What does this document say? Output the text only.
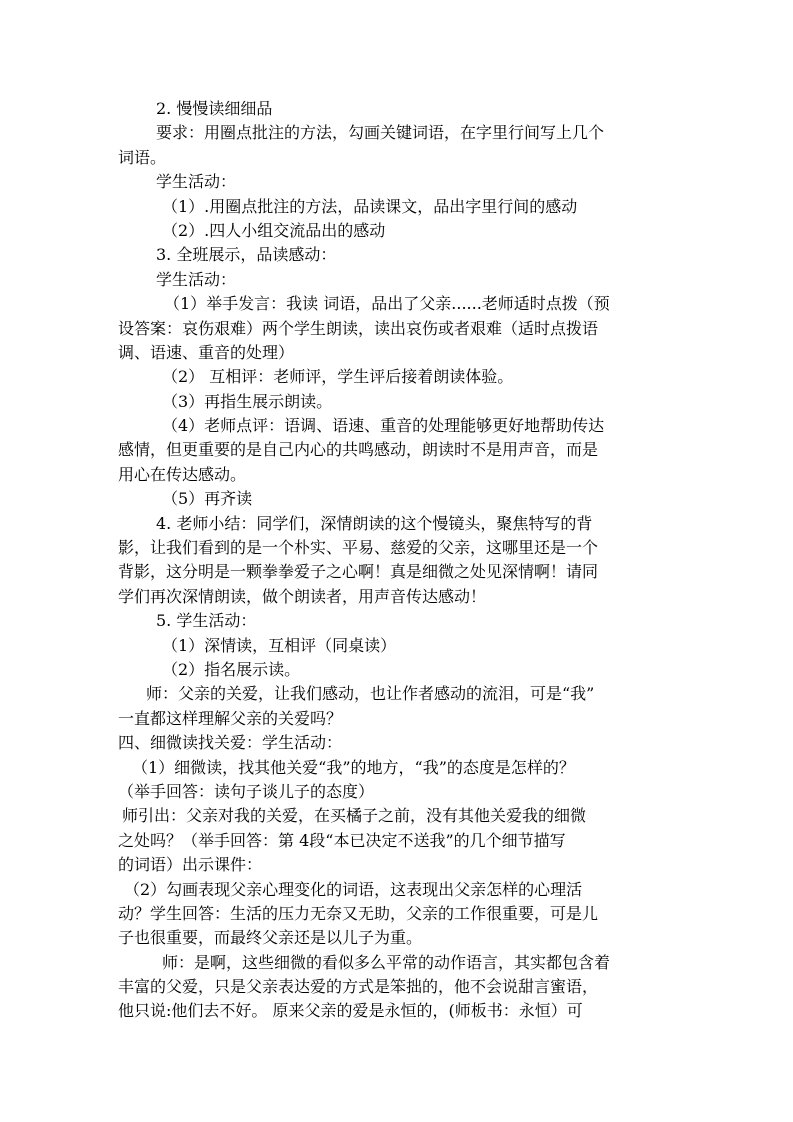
2. 慢慢读细细品
要求：用圈点批注的方法，勾画关键词语，在字里行间写上几个
词语。
学生活动：
（1）.用圈点批注的方法，品读课文，品出字里行间的感动
（2）.四人小组交流品出的感动
3. 全班展示，品读感动：
学生活动：
（1）举手发言：我读 词语，品出了父亲......老师适时点拨（预
设答案：哀伤艰难）两个学生朗读，读出哀伤或者艰难（适时点拨语
调、语速、重音的处理）
（2） 互相评：老师评，学生评后接着朗读体验。
（3）再指生展示朗读。
（4）老师点评：语调、语速、重音的处理能够更好地帮助传达
感情，但更重要的是自己内心的共鸣感动，朗读时不是用声音，而是
用心在传达感动。
（5）再齐读
4. 老师小结：同学们，深情朗读的这个慢镜头，聚焦特写的背
影，让我们看到的是一个朴实、平易、慈爱的父亲，这哪里还是一个
背影，这分明是一颗拳拳爱子之心啊！真是细微之处见深情啊！请同
学们再次深情朗读，做个朗读者，用声音传达感动！
5. 学生活动：
（1）深情读，互相评（同桌读）
（2）指名展示读。
师：父亲的关爱，让我们感动，也让作者感动的流泪，可是“我”
一直都这样理解父亲的关爱吗？
四、细微读找关爱：学生活动：
（1）细微读，找其他关爱“我”的地方，“我”的态度是怎样的？
（举手回答：读句子谈儿子的态度）
师引出：父亲对我的关爱，在买橘子之前，没有其他关爱我的细微
之处吗？（举手回答：第 4段“本已决定不送我”的几个细节描写
的词语）出示课件：
（2）勾画表现父亲心理变化的词语，这表现出父亲怎样的心理活
动？学生回答：生活的压力无奈又无助，父亲的工作很重要，可是儿
子也很重要，而最终父亲还是以儿子为重。
师：是啊，这些细微的看似多么平常的动作语言，其实都包含着
丰富的父爱，只是父亲表达爱的方式是笨拙的，他不会说甜言蜜语，
他只说:他们去不好。 原来父亲的爱是永恒的，(师板书：永恒）可
